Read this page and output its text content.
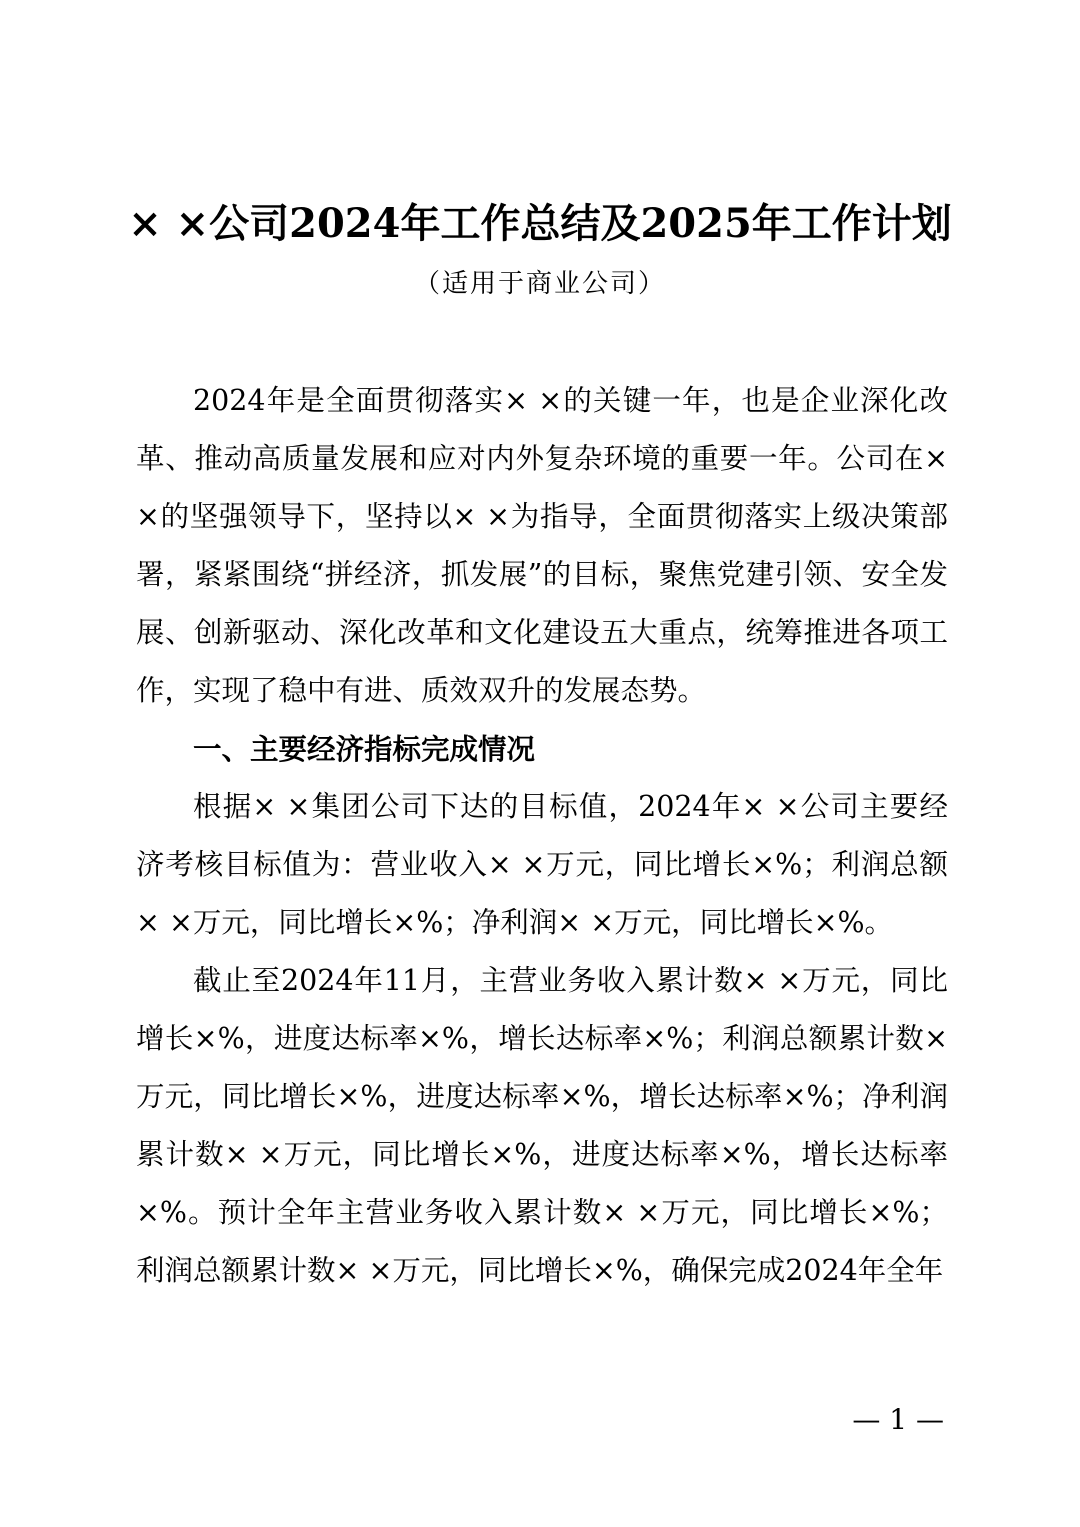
× ×公司2024年工作总结及2025年工作计划
（适用于商业公司）

2024年是全面贯彻落实× ×的关键一年，也是企业深化改革、推动高质量发展和应对内外复杂环境的重要一年。公司在× ×的坚强领导下，坚持以× ×为指导，全面贯彻落实上级决策部署，紧紧围绕“拼经济，抓发展”的目标，聚焦党建引领、安全发展、创新驱动、深化改革和文化建设五大重点，统筹推进各项工作，实现了稳中有进、质效双升的发展态势。

一、主要经济指标完成情况

根据× ×集团公司下达的目标值，2024年× ×公司主要经济考核目标值为：营业收入× ×万元，同比增长×%；利润总额× ×万元，同比增长×%；净利润× ×万元，同比增长×%。

截止至2024年11月，主营业务收入累计数× ×万元，同比增长×%，进度达标率×%，增长达标率×%；利润总额累计数×万元，同比增长×%，进度达标率×%，增长达标率×%；净利润累计数× ×万元，同比增长×%，进度达标率×%，增长达标率×%。预计全年主营业务收入累计数× ×万元，同比增长×%；利润总额累计数× ×万元，同比增长×%，确保完成2024年全年

— 1 —
